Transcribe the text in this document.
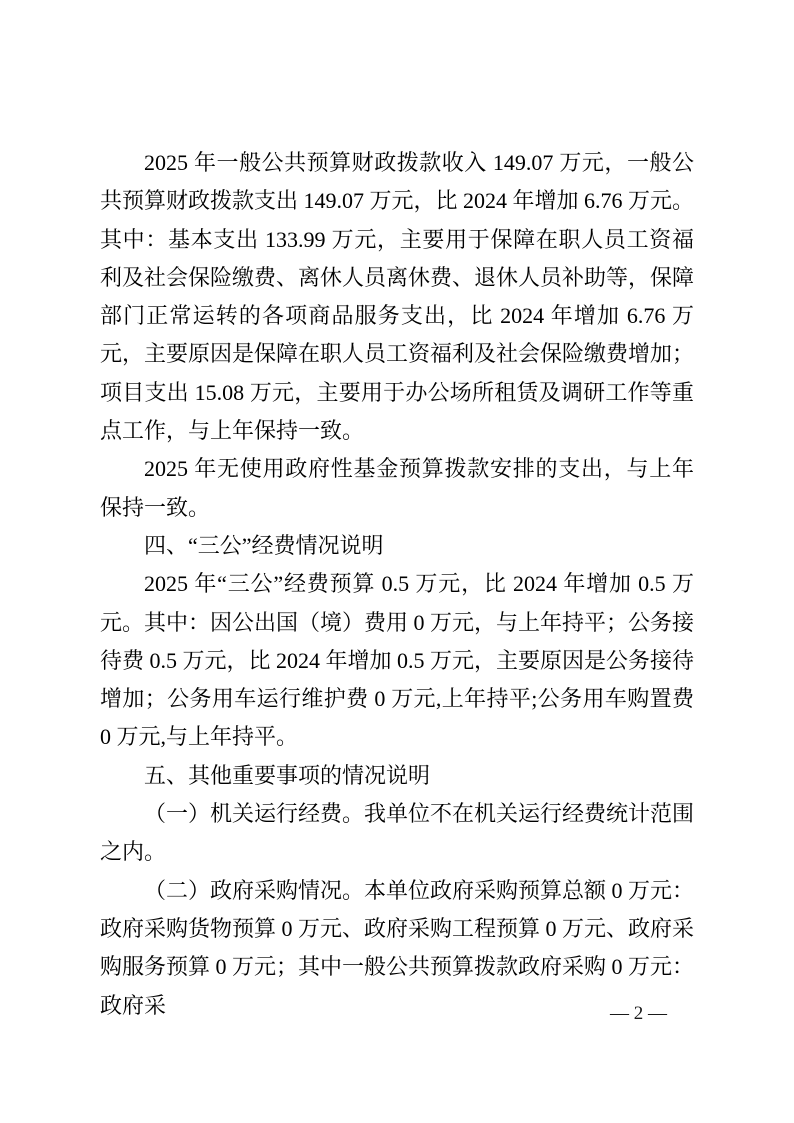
2025 年一般公共预算财政拨款收入 149.07 万元，一般公共预算财政拨款支出 149.07 万元，比 2024 年增加 6.76 万元。其中：基本支出 133.99 万元，主要用于保障在职人员工资福利及社会保险缴费、离休人员离休费、退休人员补助等，保障部门正常运转的各项商品服务支出，比 2024 年增加 6.76 万元，主要原因是保障在职人员工资福利及社会保险缴费增加；项目支出 15.08 万元，主要用于办公场所租赁及调研工作等重点工作，与上年保持一致。

2025 年无使用政府性基金预算拨款安排的支出，与上年保持一致。

四、“三公”经费情况说明

2025 年“三公”经费预算 0.5 万元，比 2024 年增加 0.5 万元。其中：因公出国（境）费用 0 万元，与上年持平；公务接待费 0.5 万元，比 2024 年增加 0.5 万元，主要原因是公务接待增加；公务用车运行维护费 0 万元,上年持平;公务用车购置费 0 万元,与上年持平。

五、其他重要事项的情况说明

（一）机关运行经费。我单位不在机关运行经费统计范围之内。

（二）政府采购情况。本单位政府采购预算总额 0 万元：政府采购货物预算 0 万元、政府采购工程预算 0 万元、政府采购服务预算 0 万元；其中一般公共预算拨款政府采购 0 万元：政府采	— 2 —
